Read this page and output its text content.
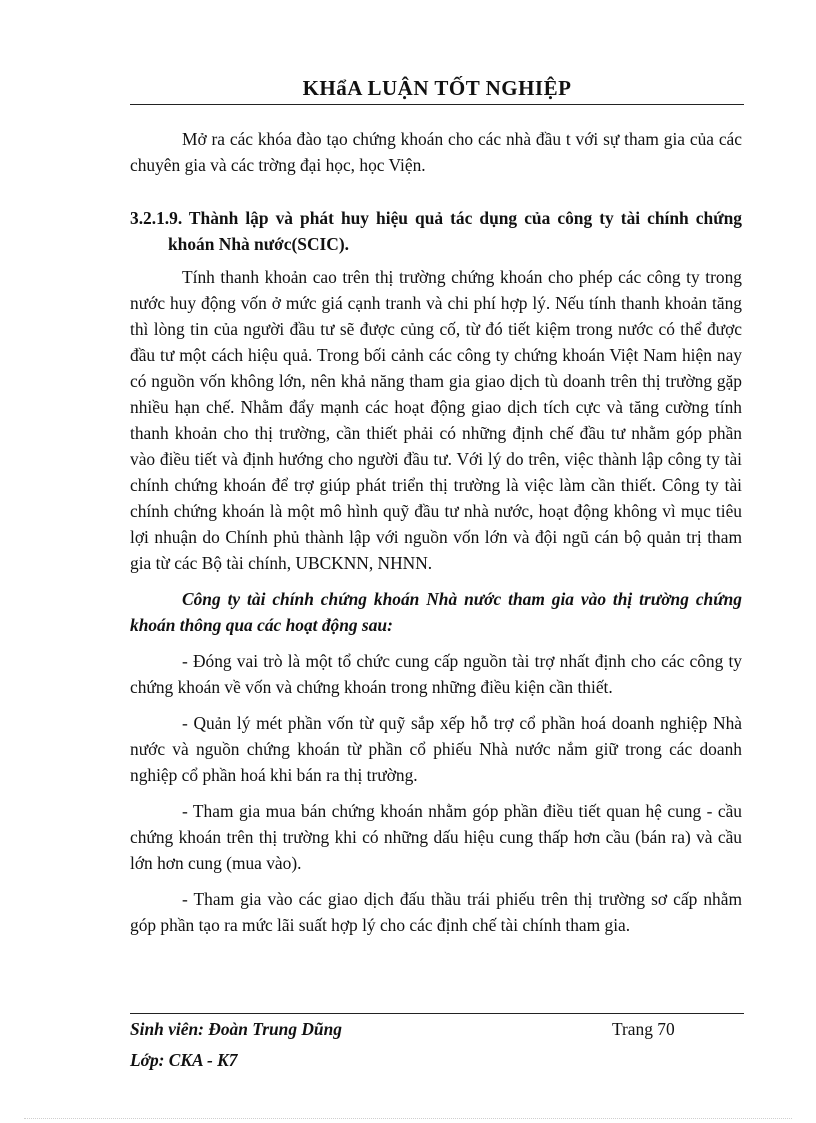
KHẩA LUẬN TỐT NGHIỆP

Mở ra các khóa đào tạo chứng khoán cho các nhà đầu t với sự tham gia của các chuyên gia và các trờng đại học, học Viện.

3.2.1.9. Thành lập và phát huy hiệu quả tác dụng của công ty tài chính chứng khoán Nhà nước(SCIC).

Tính thanh khoản cao trên thị trường chứng khoán cho phép các công ty trong nước huy động vốn ở mức giá cạnh tranh và chi phí hợp lý. Nếu tính thanh khoản tăng thì lòng tin của người đầu tư sẽ được củng cố, từ đó tiết kiệm trong nước có thể được đầu tư một cách hiệu quả. Trong bối cảnh các công ty chứng khoán Việt Nam hiện nay có nguồn vốn không lớn, nên khả năng tham gia giao dịch tù doanh trên thị trường gặp nhiều hạn chế. Nhằm đẩy mạnh các hoạt động giao dịch tích cực và tăng cường tính thanh khoản cho thị trường, cần thiết phải có những định chế đầu tư nhằm góp phần vào điều tiết và định hướng cho người đầu tư. Với lý do trên, việc thành lập công ty tài chính chứng khoán để trợ giúp phát triển thị trường là việc làm cần thiết. Công ty tài chính chứng khoán là một mô hình quỹ đầu tư nhà nước, hoạt động không vì mục tiêu lợi nhuận do Chính phủ thành lập với nguồn vốn lớn và đội ngũ cán bộ quản trị tham gia từ các Bộ tài chính, UBCKNN, NHNN.

Công ty tài chính chứng khoán Nhà nước tham gia vào thị trường chứng khoán thông qua các hoạt động sau:

- Đóng vai trò là một tổ chức cung cấp nguồn tài trợ nhất định cho các công ty chứng khoán về vốn và chứng khoán trong những điều kiện cần thiết.

- Quản lý mét phần vốn từ quỹ sắp xếp hỗ trợ cổ phần hoá doanh nghiệp Nhà nước và nguồn chứng khoán từ phần cổ phiếu Nhà nước nắm giữ trong các doanh nghiệp cổ phần hoá khi bán ra thị trường.

- Tham gia mua bán chứng khoán nhằm góp phần điều tiết quan hệ cung - cầu chứng khoán trên thị trường khi có những dấu hiệu cung thấp hơn cầu (bán ra) và cầu lớn hơn cung (mua vào).

- Tham gia vào các giao dịch đấu thầu trái phiếu trên thị trường sơ cấp nhằm góp phần tạo ra mức lãi suất hợp lý cho các định chế tài chính tham gia.

Sinh viên: Đoàn Trung Dũng	Trang 70
Lớp: CKA - K7
